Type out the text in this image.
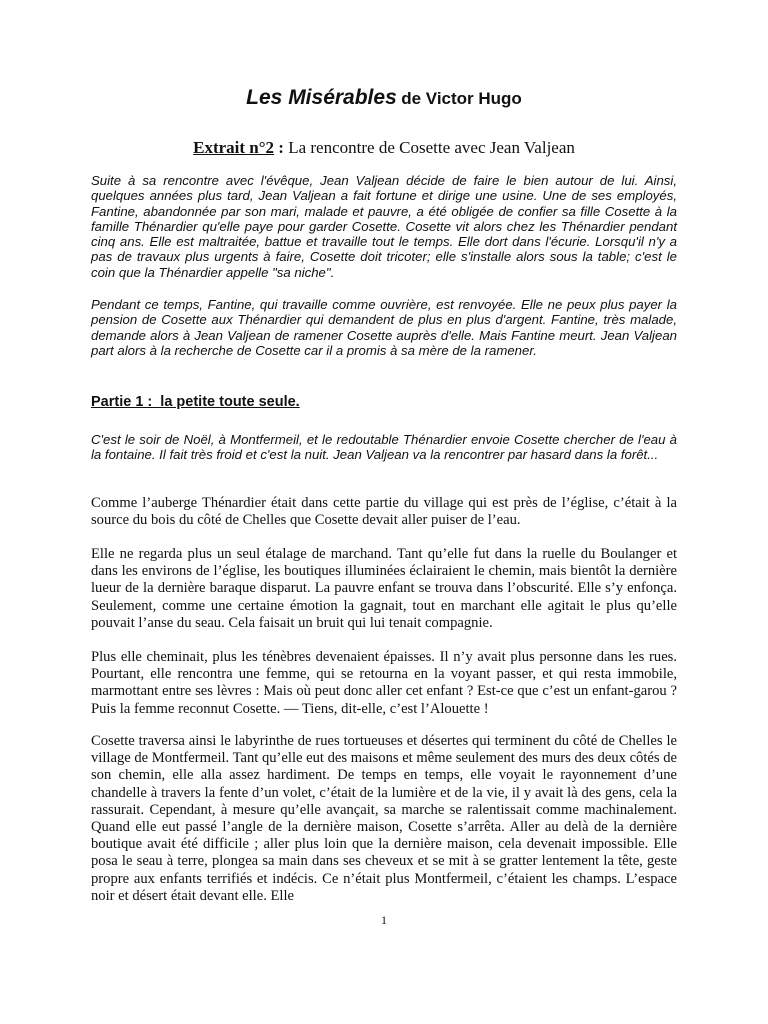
Les Misérables de Victor Hugo
Extrait n°2 : La rencontre de Cosette avec Jean Valjean

Suite à sa rencontre avec l'évêque, Jean Valjean décide de faire le bien autour de lui. Ainsi, quelques années plus tard, Jean Valjean a fait fortune et dirige une usine. Une de ses employés, Fantine, abandonnée par son mari, malade et pauvre, a été obligée de confier sa fille Cosette à la famille Thénardier qu'elle paye pour garder Cosette. Cosette vit alors chez les Thénardier pendant cinq ans. Elle est maltraitée, battue et travaille tout le temps. Elle dort dans l'écurie. Lorsqu'il n'y a pas de travaux plus urgents à faire, Cosette doit tricoter; elle s'installe alors sous la table; c'est le coin que la Thénardier appelle "sa niche".

Pendant ce temps, Fantine, qui travaille comme ouvrière, est renvoyée. Elle ne peux plus payer la pension de Cosette aux Thénardier qui demandent de plus en plus d'argent. Fantine, très malade, demande alors à Jean Valjean de ramener Cosette auprès d'elle. Mais Fantine meurt. Jean Valjean part alors à la recherche de Cosette car il a promis à sa mère de la ramener.

Partie 1 :  la petite toute seule.

C'est le soir de Noël, à Montfermeil, et le redoutable Thénardier envoie Cosette chercher de l'eau à la fontaine. Il fait très froid et c'est la nuit. Jean Valjean va la rencontrer par hasard dans la forêt...

Comme l’auberge Thénardier était dans cette partie du village qui est près de l’église, c’était à la source du bois du côté de Chelles que Cosette devait aller puiser de l’eau.

Elle ne regarda plus un seul étalage de marchand. Tant qu’elle fut dans la ruelle du Boulanger et dans les environs de l’église, les boutiques illuminées éclairaient le chemin, mais bientôt la dernière lueur de la dernière baraque disparut. La pauvre enfant se trouva dans l’obscurité. Elle s’y enfonça. Seulement, comme une certaine émotion la gagnait, tout en marchant elle agitait le plus qu’elle pouvait l’anse du seau. Cela faisait un bruit qui lui tenait compagnie.

Plus elle cheminait, plus les ténèbres devenaient épaisses. Il n’y avait plus personne dans les rues. Pourtant, elle rencontra une femme, qui se retourna en la voyant passer, et qui resta immobile, marmottant entre ses lèvres : Mais où peut donc aller cet enfant ? Est-ce que c’est un enfant-garou ? Puis la femme reconnut Cosette. — Tiens, dit-elle, c’est l’Alouette !

Cosette traversa ainsi le labyrinthe de rues tortueuses et désertes qui terminent du côté de Chelles le village de Montfermeil. Tant qu’elle eut des maisons et même seulement des murs des deux côtés de son chemin, elle alla assez hardiment. De temps en temps, elle voyait le rayonnement d’une chandelle à travers la fente d’un volet, c’était de la lumière et de la vie, il y avait là des gens, cela la rassurait. Cependant, à mesure qu’elle avançait, sa marche se ralentissait comme machinalement. Quand elle eut passé l’angle de la dernière maison, Cosette s’arrêta. Aller au delà de la dernière boutique avait été difficile ; aller plus loin que la dernière maison, cela devenait impossible. Elle posa le seau à terre, plongea sa main dans ses cheveux et se mit à se gratter lentement la tête, geste propre aux enfants terrifiés et indécis. Ce n’était plus Montfermeil, c’étaient les champs. L’espace noir et désert était devant elle. Elle

1
